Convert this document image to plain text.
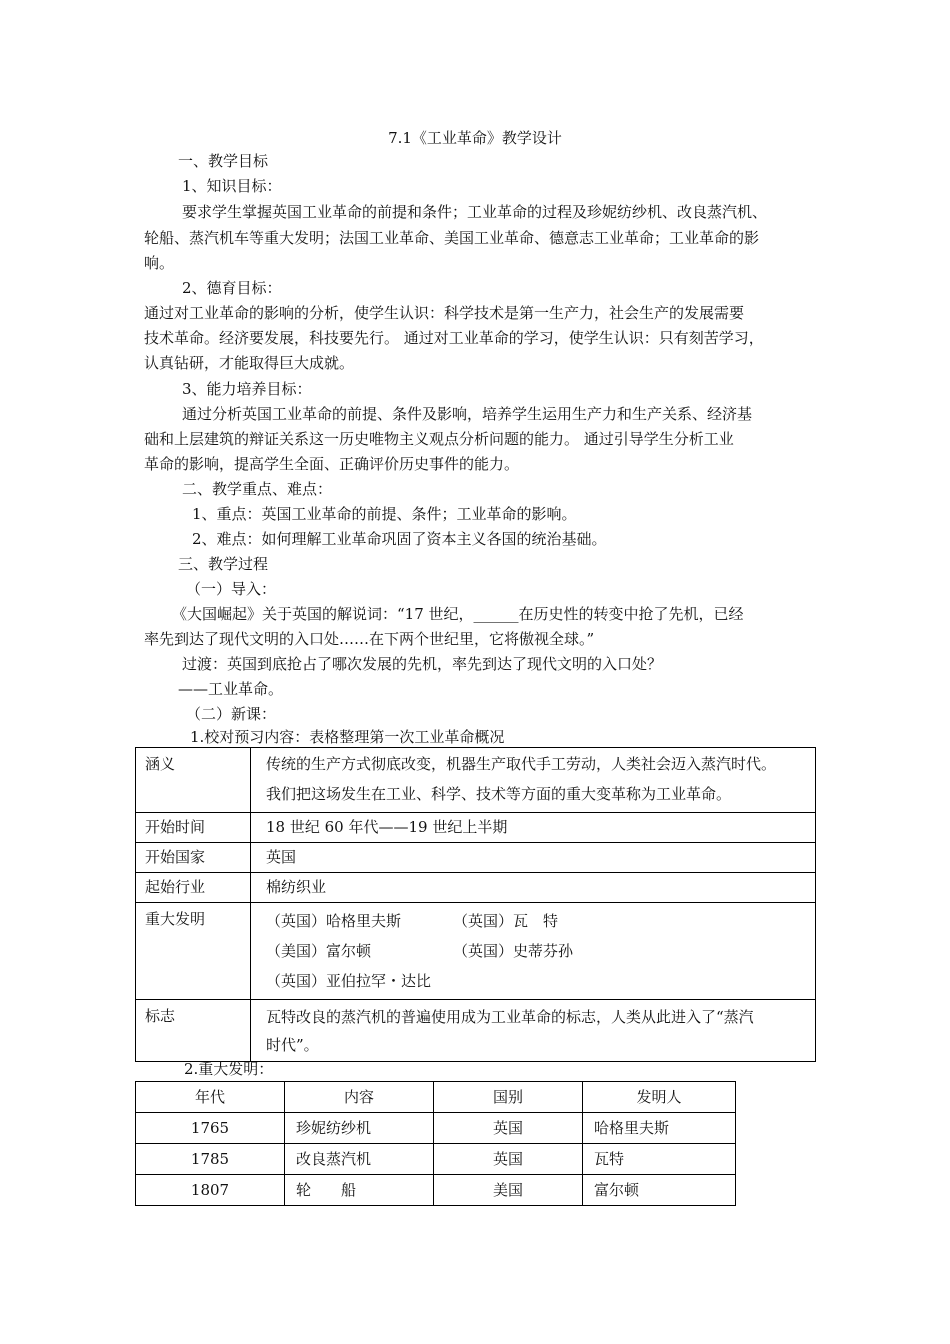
7.1《工业革命》教学设计
一、教学目标
1、知识目标：
要求学生掌握英国工业革命的前提和条件；工业革命的过程及珍妮纺纱机、改良蒸汽机、
轮船、蒸汽机车等重大发明；法国工业革命、美国工业革命、德意志工业革命；工业革命的影
响。
2、德育目标：
通过对工业革命的影响的分析，使学生认识：科学技术是第一生产力，社会生产的发展需要
技术革命。经济要发展，科技要先行。 通过对工业革命的学习，使学生认识：只有刻苦学习，
认真钻研，才能取得巨大成就。
3、能力培养目标：
通过分析英国工业革命的前提、条件及影响，培养学生运用生产力和生产关系、经济基
础和上层建筑的辩证关系这一历史唯物主义观点分析问题的能力。 通过引导学生分析工业
革命的影响，提高学生全面、正确评价历史事件的能力。
二、教学重点、难点：
1、重点：英国工业革命的前提、条件；工业革命的影响。
2、难点：如何理解工业革命巩固了资本主义各国的统治基础。
三、教学过程
（一）导入：
《大国崛起》关于英国的解说词：“17 世纪，______在历史性的转变中抢了先机，已经
率先到达了现代文明的入口处……在下两个世纪里，它将傲视全球。”
过渡：英国到底抢占了哪次发展的先机，率先到达了现代文明的入口处？
——工业革命。
（二）新课：
1.校对预习内容：表格整理第一次工业革命概况
涵义	传统的生产方式彻底改变，机器生产取代手工劳动，人类社会迈入蒸汽时代。
我们把这场发生在工业、科学、技术等方面的重大变革称为工业革命。

开始时间	18 世纪 60 年代——19 世纪上半期
开始国家	英国
起始行业	棉纺织业
重大发明	（英国）哈格里夫斯 （英国）瓦　特
（美国）富尔顿 （英国）史蒂芬孙
（英国）亚伯拉罕・达比

标志	瓦特改良的蒸汽机的普遍使用成为工业革命的标志，人类从此进入了“蒸汽
时代”。
2.重大发明：
年代	内容	国别	发明人
1765	珍妮纺纱机	英国	哈格里夫斯
1785	改良蒸汽机	英国	瓦特
1807	轮　　船	美国	富尔顿
